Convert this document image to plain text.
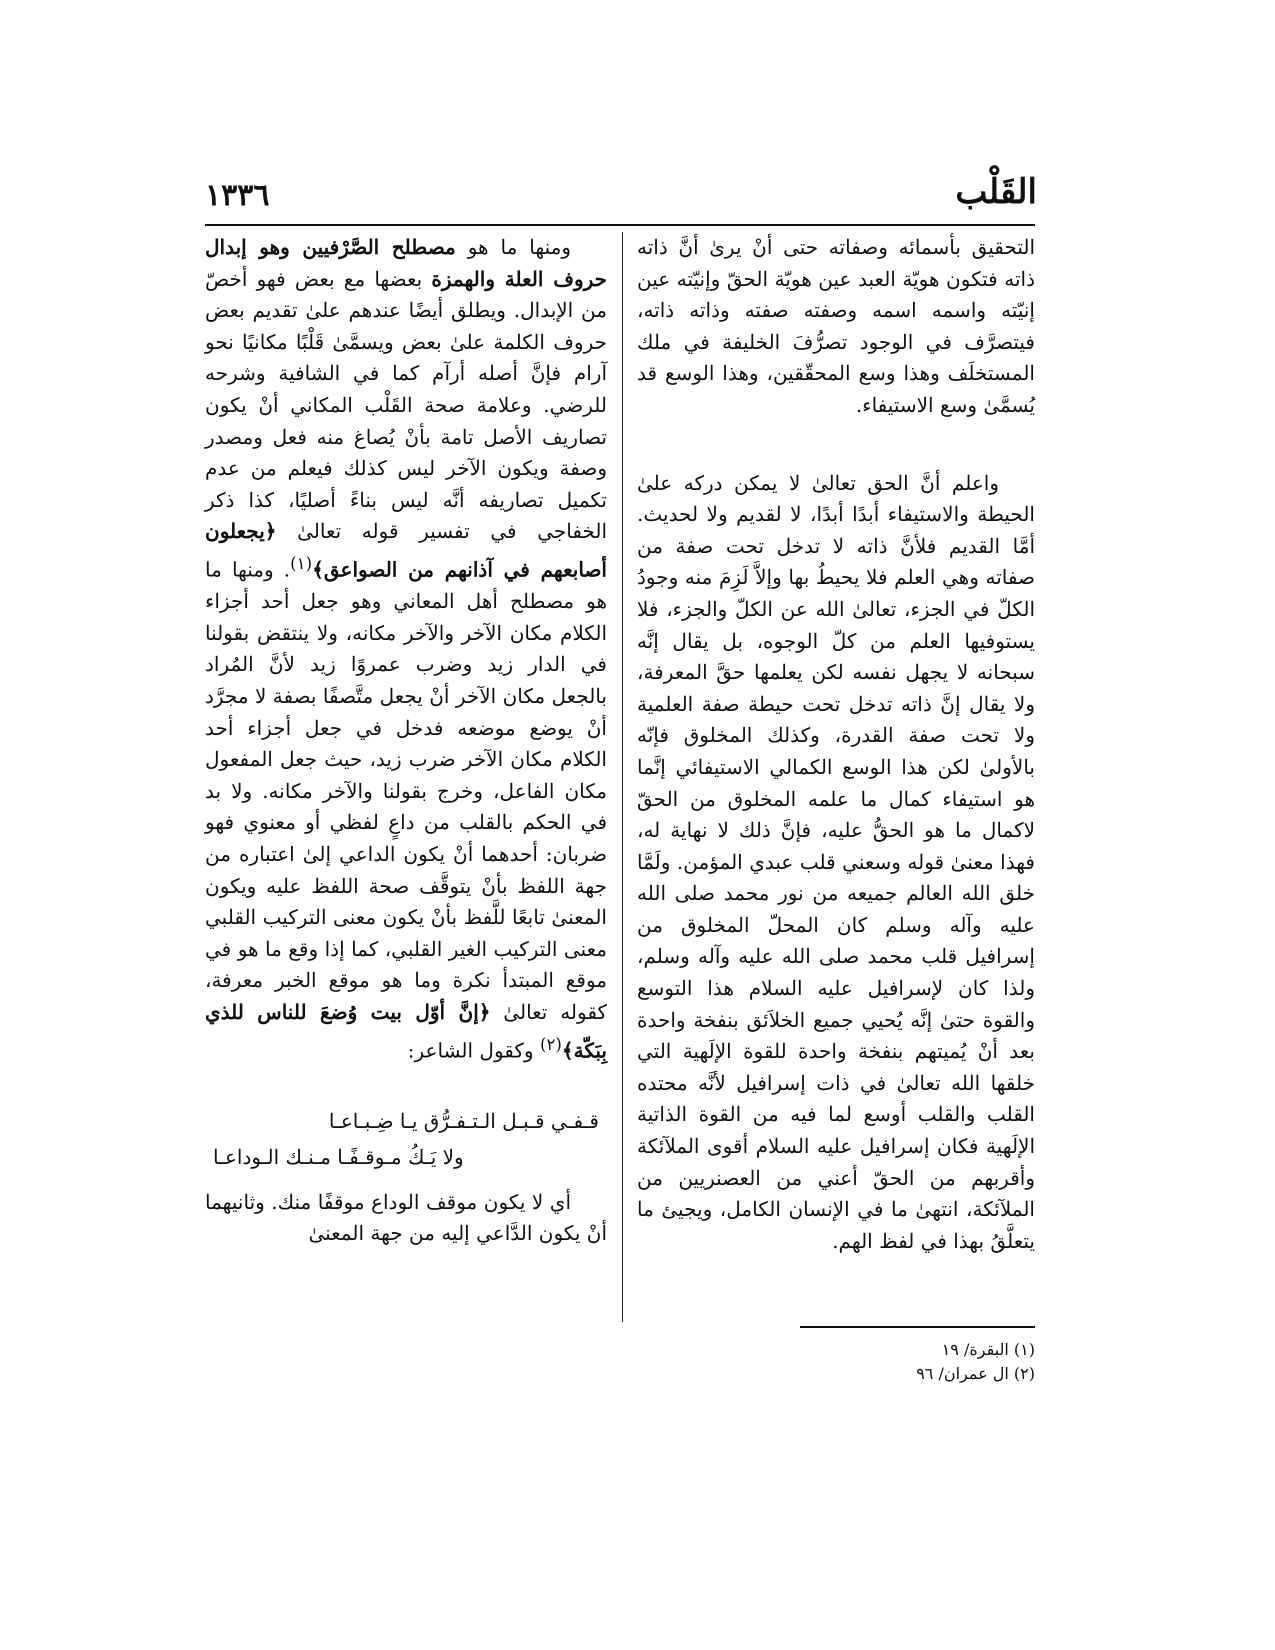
القَلْب
١٣٣٦

التحقيق بأسمائه وصفاته حتى أنْ يرىٰ أنَّ ذاته ذاته فتكون هويّة العبد عين هويّة الحقّ وإنيّته عين إنيّته واسمه اسمه وصفته صفته وذاته ذاته، فيتصرَّف في الوجود تصرُّفَ الخليفة في ملك المستخلَف وهذا وسع المحقّقين، وهذا الوسع قد يُسمَّىٰ وسع الاستيفاء.

واعلم أنَّ الحق تعالىٰ لا يمكن دركه علىٰ الحيطة والاستيفاء أبدًا أبدًا، لا لقديم ولا لحديث. أمَّا القديم فلأنَّ ذاته لا تدخل تحت صفة من صفاته وهي العلم فلا يحيطُ بها وإلاَّ لَزِمَ منه وجودُ الكلّ في الجزء، تعالىٰ الله عن الكلّ والجزء، فلا يستوفيها العلم من كلّ الوجوه، بل يقال إنَّه سبحانه لا يجهل نفسه لكن يعلمها حقَّ المعرفة، ولا يقال إنَّ ذاته تدخل تحت حيطة صفة العلمية ولا تحت صفة القدرة، وكذلك المخلوق فإنّه بالأولىٰ لكن هذا الوسع الكمالي الاستيفائي إنَّما هو استيفاء كمال ما علمه المخلوق من الحقّ لاكمال ما هو الحقُّ عليه، فإنَّ ذلك لا نهاية له، فهذا معنىٰ قوله وسعني قلب عبدي المؤمن. ولَمَّا خلق الله العالم جميعه من نور محمد صلى الله عليه وآله وسلم كان المحلّ المخلوق من إسرافيل قلب محمد صلى الله عليه وآله وسلم، ولذا كان لإسرافيل عليه السلام هذا التوسع والقوة حتىٰ إنَّه يُحيي جميع الخلاَئق بنفخة واحدة بعد أنْ يُميتهم بنفخة واحدة للقوة الإلَهية التي خلقها الله تعالىٰ في ذات إسرافيل لأنَّه محتده القلب والقلب أوسع لما فيه من القوة الذاتية الإلَهية فكان إسرافيل عليه السلام أقوى الملآئكة وأقربهم من الحقّ أعني من العصنريين من الملآئكة، انتهىٰ ما في الإنسان الكامل، ويجيئ ما يتعلَّقُ بهذا في لفظ الهم.

ومنها ما هو مصطلح الصَّرْفيين وهو إبدال حروف العلة والهمزة بعضها مع بعض فهو أخصّ من الإبدال. ويطلق أيضًا عندهم علىٰ تقديم بعض حروف الكلمة علىٰ بعض ويسمَّىٰ قَلْبًا مكانيًا نحو آرام فإنَّ أصله أرآم كما في الشافية وشرحه للرضي. وعلامة صحة القَلْب المكاني أنْ يكون تصاريف الأصل تامة بأنْ يُصاغ منه فعل ومصدر وصفة ويكون الآخر ليس كذلك فيعلم من عدم تكميل تصاريفه أنَّه ليس بناءً أصليًا، كذا ذكر الخفاجي في تفسير قوله تعالىٰ ﴿يجعلون أصابعهم في آذانهم من الصواعق﴾$^{(١)}$. ومنها ما هو مصطلح أهل المعاني وهو جعل أحد أجزاء الكلام مكان الآخر والآخر مكانه، ولا ينتقض بقولنا في الدار زيد وضرب عمروًا زيد لأنَّ المُراد بالجعل مكان الآخر أنْ يجعل متَّصفًا بصفة لا مجرَّد أنْ يوضع موضعه فدخل في جعل أجزاء أحد الكلام مكان الآخر ضرب زيد، حيث جعل المفعول مكان الفاعل، وخرج بقولنا والآخر مكانه. ولا بد في الحكم بالقلب من داعٍ لفظي أو معنوي فهو ضربان: أحدهما أنْ يكون الداعي إلىٰ اعتباره من جهة اللفظ بأنْ يتوقَّف صحة اللفظ عليه ويكون المعنىٰ تابعًا للَّفظ بأنْ يكون معنى التركيب القلبي معنى التركيب الغير القلبي، كما إذا وقع ما هو في موقع المبتدأ نكرة وما هو موقع الخبر معرفة، كقوله تعالىٰ ﴿إنَّ أوّل بيت وُضعَ للناس للذي بِبَكّة﴾$^{(٢)}$ وكقول الشاعر:

قـفـي قـبـل الـتـفـرُّق يـا ضِـبـاعـا
ولا يَـكُ مـوقـفًـا مـنـك الـوداعـا

أي لا يكون موقف الوداع موقفًا منك. وثانيهما أنْ يكون الدَّاعي إليه من جهة المعنىٰ

(١) البقرة/ ١٩
(٢) ال عمران/ ٩٦
